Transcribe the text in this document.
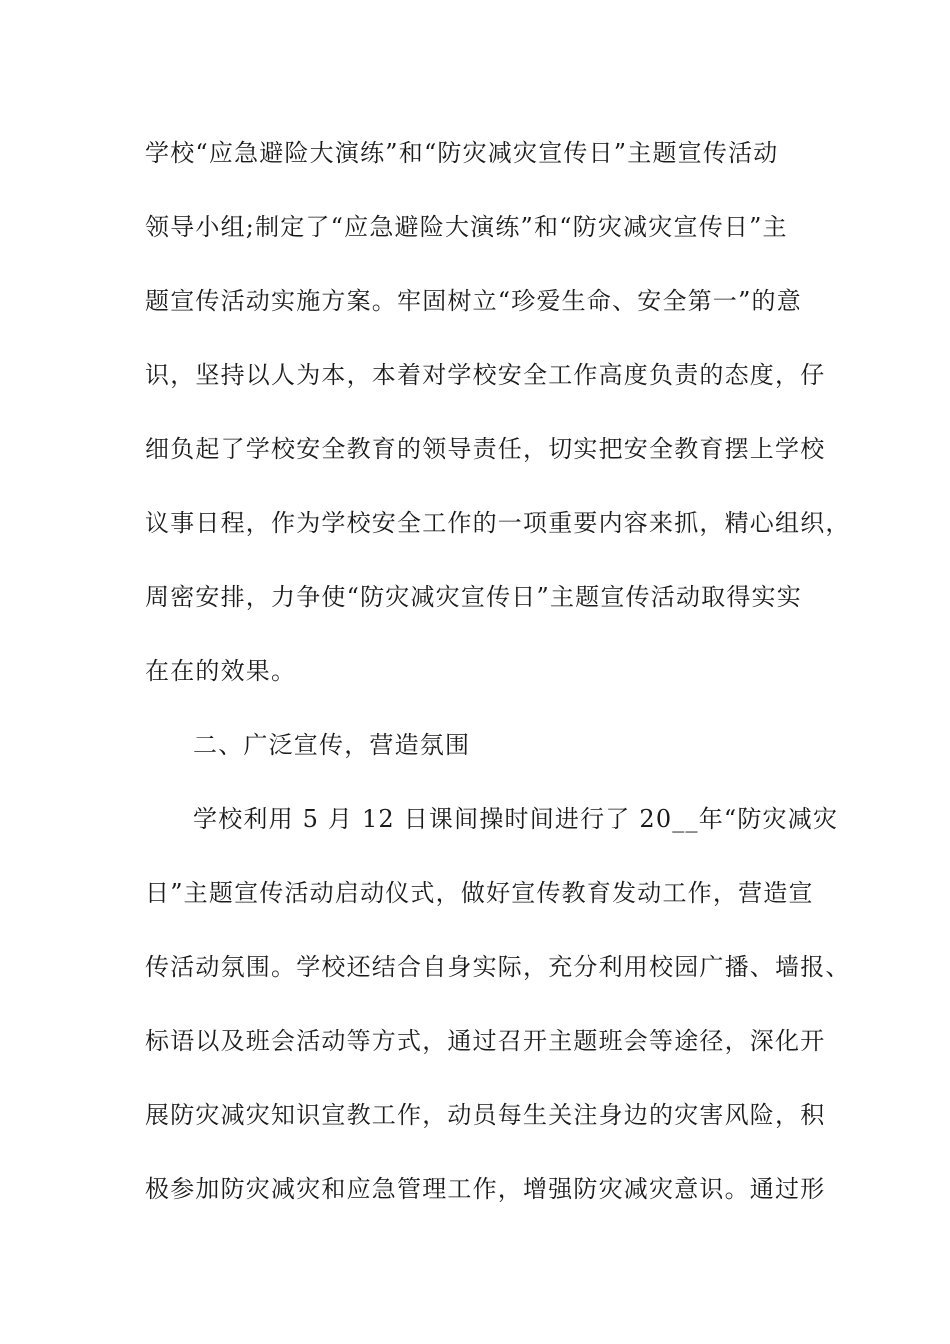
学校“应急避险大演练”和“防灾减灾宣传日”主题宣传活动
领导小组;制定了“应急避险大演练”和“防灾减灾宣传日”主
题宣传活动实施方案。牢固树立“珍爱生命、安全第一”的意
识，坚持以人为本，本着对学校安全工作高度负责的态度，仔
细负起了学校安全教育的领导责任，切实把安全教育摆上学校
议事日程，作为学校安全工作的一项重要内容来抓，精心组织，
周密安排，力争使“防灾减灾宣传日”主题宣传活动取得实实
在在的效果。
二、广泛宣传，营造氛围
学校利用 5 月 12 日课间操时间进行了 20__年“防灾减灾
日”主题宣传活动启动仪式，做好宣传教育发动工作，营造宣
传活动氛围。学校还结合自身实际，充分利用校园广播、墙报、
标语以及班会活动等方式，通过召开主题班会等途径，深化开
展防灾减灾知识宣教工作，动员每生关注身边的灾害风险，积
极参加防灾减灾和应急管理工作，增强防灾减灾意识。通过形
